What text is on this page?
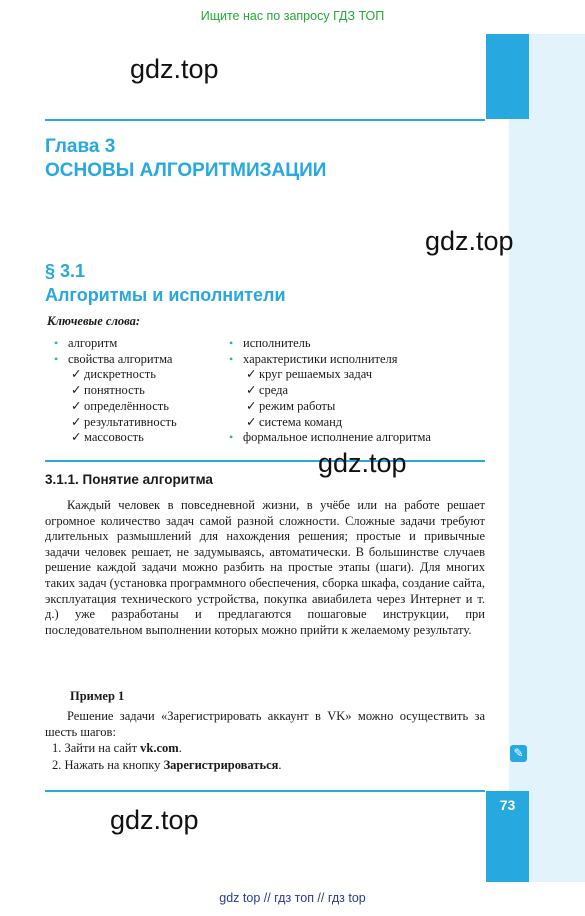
Ищите нас по запросу ГДЗ ТОП
gdz.top
Глава 3
ОСНОВЫ АЛГОРИТМИЗАЦИИ
gdz.top
§ 3.1
Алгоритмы и исполнители
Ключевые слова:
• алгоритм
• свойства алгоритма
✓ дискретность
✓ понятность
✓ определённость
✓ результативность
✓ массовость
• исполнитель
• характеристики исполнителя
✓ круг решаемых задач
✓ среда
✓ режим работы
✓ система команд
• формальное исполнение алгоритма
3.1.1. Понятие алгоритма
gdz.top

Каждый человек в повседневной жизни, в учёбе или на работе решает огромное количество задач самой разной сложности. Сложные задачи требуют длительных размышлений для нахождения решения; простые и привычные задачи человек решает, не задумываясь, автоматически. В большинстве случаев решение каждой задачи можно разбить на простые этапы (шаги). Для многих таких задач (установка программного обеспечения, сборка шкафа, создание сайта, эксплуатация технического устройства, покупка авиабилета через Интернет и т. д.) уже разработаны и предлагаются пошаговые инструкции, при последовательном выполнении которых можно прийти к желаемому результату.

Пример 1

Решение задачи «Зарегистрировать аккаунт в VK» можно осуществить за шесть шагов:

1. Зайти на сайт vk.com.
2. Нажать на кнопку Зарегистрироваться.
✎
73
gdz.top
gdz top // гдз топ // гдз top
